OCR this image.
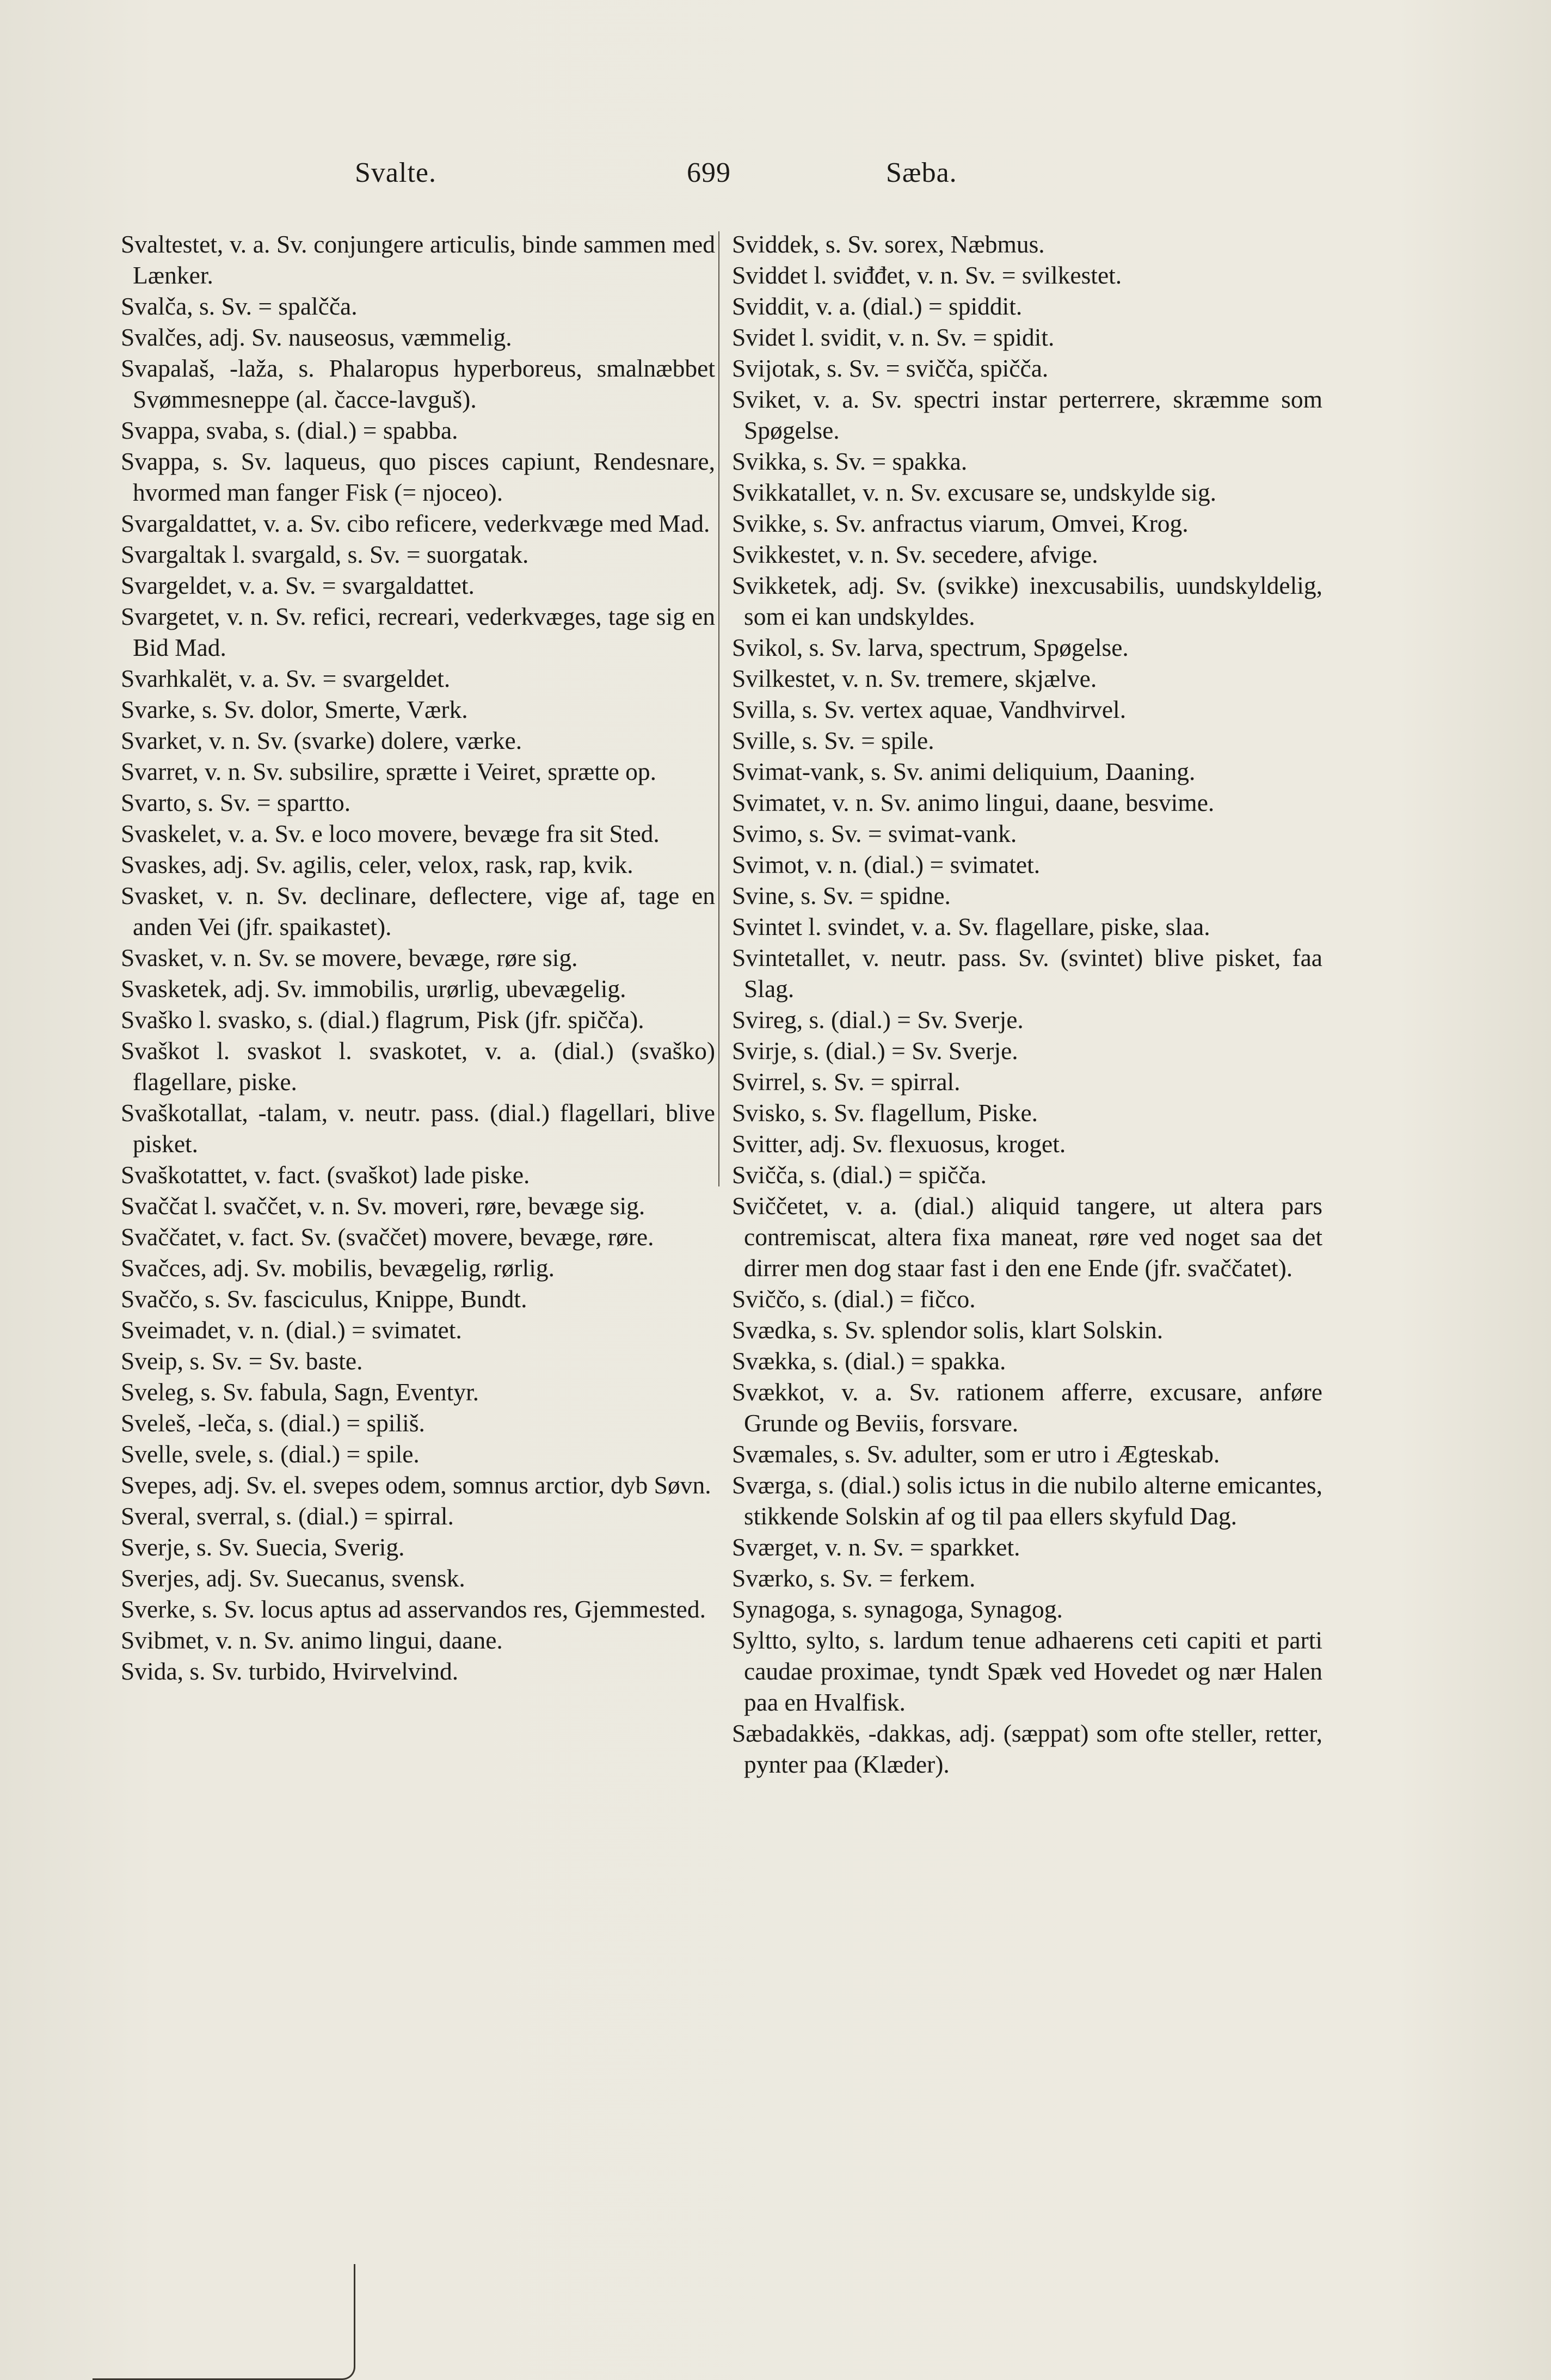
Svalte.	699	Sæba.

Svaltestet, v. a. Sv. conjungere articulis, binde sammen med Lænker.

Svalča, s. Sv. = spalčča.

Svalčes, adj. Sv. nauseosus, væmmelig.

Svapalaš, -laža, s. Phalaropus hyperboreus, smalnæbbet Svømmesneppe (al. čacce-lavguš).

Svappa, svaba, s. (dial.) = spabba.

Svappa, s. Sv. laqueus, quo pisces capiunt, Rendesnare, hvormed man fanger Fisk (= njoceo).

Svargaldattet, v. a. Sv. cibo reficere, vederkvæge med Mad.

Svargaltak l. svargald, s. Sv. = suorgatak.

Svargeldet, v. a. Sv. = svargaldattet.

Svargetet, v. n. Sv. refici, recreari, vederkvæges, tage sig en Bid Mad.

Svarhkalët, v. a. Sv. = svargeldet.

Svarke, s. Sv. dolor, Smerte, Værk.

Svarket, v. n. Sv. (svarke) dolere, værke.

Svarret, v. n. Sv. subsilire, sprætte i Veiret, sprætte op.

Svarto, s. Sv. = spartto.

Svaskelet, v. a. Sv. e loco movere, bevæge fra sit Sted.

Svaskes, adj. Sv. agilis, celer, velox, rask, rap, kvik.

Svasket, v. n. Sv. declinare, deflectere, vige af, tage en anden Vei (jfr. spaikastet).

Svasket, v. n. Sv. se movere, bevæge, røre sig.

Svasketek, adj. Sv. immobilis, urørlig, ubevægelig.

Svaško l. svasko, s. (dial.) flagrum, Pisk (jfr. spičča).

Svaškot l. svaskot l. svaskotet, v. a. (dial.) (svaško) flagellare, piske.

Svaškotallat, -talam, v. neutr. pass. (dial.) flagellari, blive pisket.

Svaškotattet, v. fact. (svaškot) lade piske.

Svaččat l. svaččet, v. n. Sv. moveri, røre, bevæge sig.

Svaččatet, v. fact. Sv. (svaččet) movere, bevæge, røre.

Svačces, adj. Sv. mobilis, bevægelig, rørlig.

Svaččo, s. Sv. fasciculus, Knippe, Bundt.

Sveimadet, v. n. (dial.) = svimatet.

Sveip, s. Sv. = Sv. baste.

Sveleg, s. Sv. fabula, Sagn, Eventyr.

Sveleš, -leča, s. (dial.) = spiliš.

Svelle, svele, s. (dial.) = spile.

Svepes, adj. Sv. el. svepes odem, somnus arctior, dyb Søvn.

Sveral, sverral, s. (dial.) = spirral.

Sverje, s. Sv. Suecia, Sverig.

Sverjes, adj. Sv. Suecanus, svensk.

Sverke, s. Sv. locus aptus ad asservandos res, Gjemmested.

Svibmet, v. n. Sv. animo lingui, daane.

Svida, s. Sv. turbido, Hvirvelvind.

Sviddek, s. Sv. sorex, Næbmus.

Sviddet l. sviđđet, v. n. Sv. = svilkestet.

Sviddit, v. a. (dial.) = spiddit.

Svidet l. svidit, v. n. Sv. = spidit.

Svijotak, s. Sv. = svičča, spičča.

Sviket, v. a. Sv. spectri instar perterrere, skræmme som Spøgelse.

Svikka, s. Sv. = spakka.

Svikkatallet, v. n. Sv. excusare se, undskylde sig.

Svikke, s. Sv. anfractus viarum, Omvei, Krog.

Svikkestet, v. n. Sv. secedere, afvige.

Svikketek, adj. Sv. (svikke) inexcusabilis, uundskyldelig, som ei kan undskyldes.

Svikol, s. Sv. larva, spectrum, Spøgelse.

Svilkestet, v. n. Sv. tremere, skjælve.

Svilla, s. Sv. vertex aquae, Vandhvirvel.

Sville, s. Sv. = spile.

Svimat-vank, s. Sv. animi deliquium, Daaning.

Svimatet, v. n. Sv. animo lingui, daane, besvime.

Svimo, s. Sv. = svimat-vank.

Svimot, v. n. (dial.) = svimatet.

Svine, s. Sv. = spidne.

Svintet l. svindet, v. a. Sv. flagellare, piske, slaa.

Svintetallet, v. neutr. pass. Sv. (svintet) blive pisket, faa Slag.

Svireg, s. (dial.) = Sv. Sverje.

Svirje, s. (dial.) = Sv. Sverje.

Svirrel, s. Sv. = spirral.

Svisko, s. Sv. flagellum, Piske.

Svitter, adj. Sv. flexuosus, kroget.

Svičča, s. (dial.) = spičča.

Sviččetet, v. a. (dial.) aliquid tangere, ut altera pars contremiscat, altera fixa maneat, røre ved noget saa det dirrer men dog staar fast i den ene Ende (jfr. svaččatet).

Sviččo, s. (dial.) = fičco.

Svædka, s. Sv. splendor solis, klart Solskin.

Svækka, s. (dial.) = spakka.

Svækkot, v. a. Sv. rationem afferre, excusare, anføre Grunde og Beviis, forsvare.

Svæmales, s. Sv. adulter, som er utro i Ægteskab.

Sværga, s. (dial.) solis ictus in die nubilo alterne emicantes, stikkende Solskin af og til paa ellers skyfuld Dag.

Sværget, v. n. Sv. = sparkket.

Sværko, s. Sv. = ferkem.

Synagoga, s. synagoga, Synagog.

Syltto, sylto, s. lardum tenue adhaerens ceti capiti et parti caudae proximae, tyndt Spæk ved Hovedet og nær Halen paa en Hvalfisk.

Sæbadakkës, -dakkas, adj. (sæppat) som ofte steller, retter, pynter paa (Klæder).
